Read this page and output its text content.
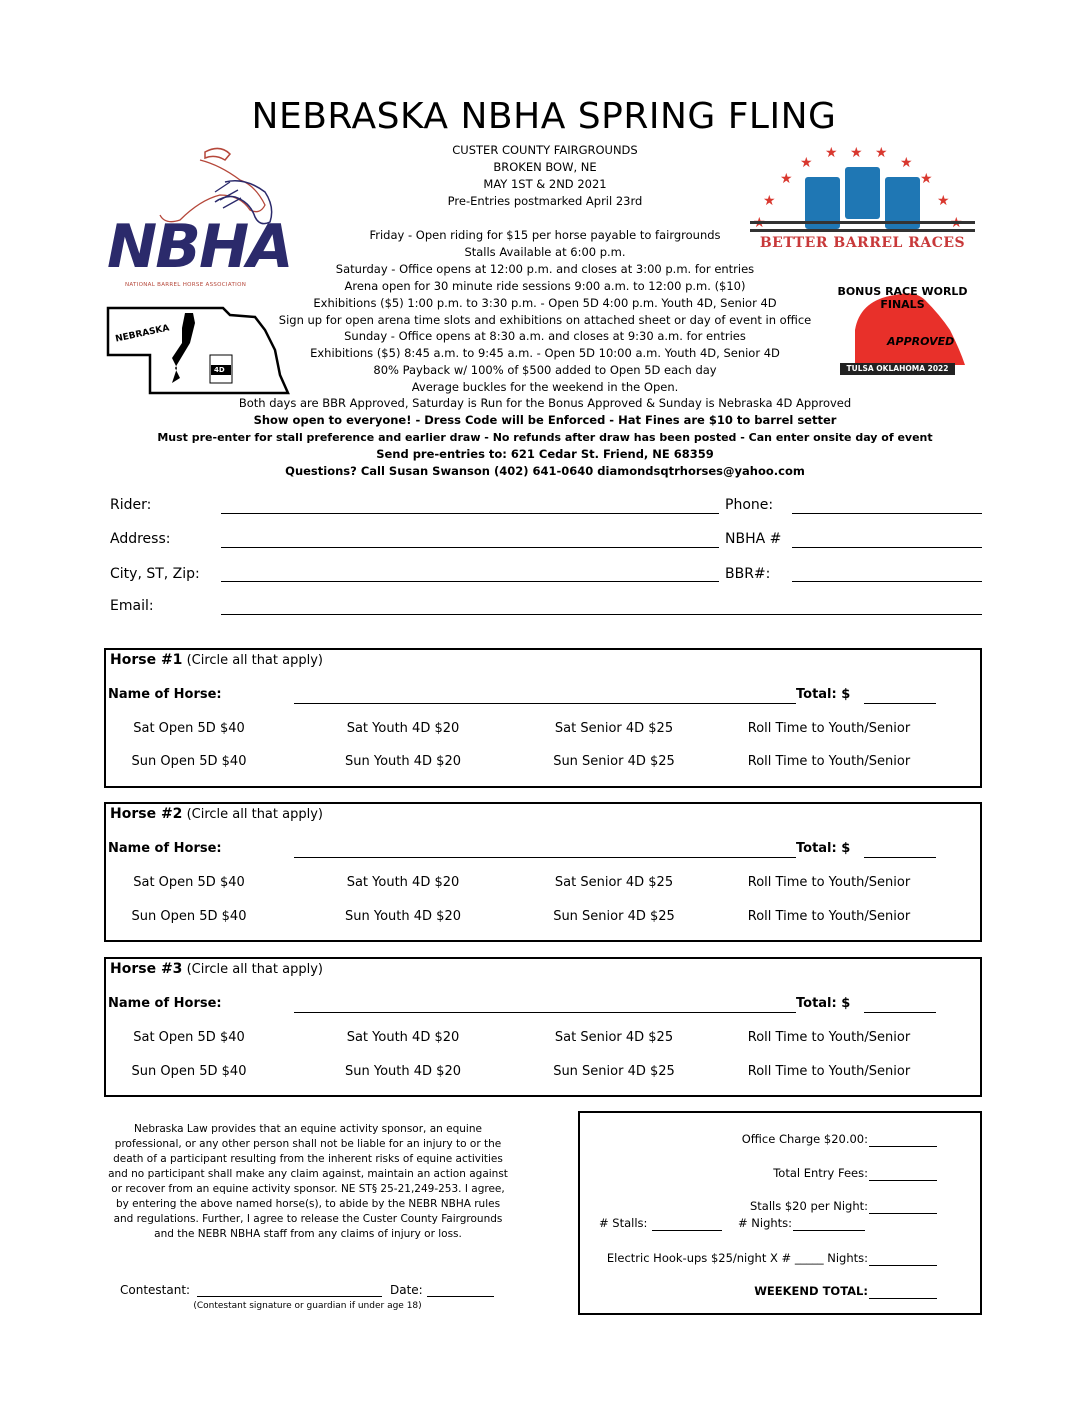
NEBRASKA NBHA SPRING FLING
NBHA
NATIONAL BARREL HORSE ASSOCIATION
NEBRASKA
4D
★
★
★
★ ★ ★
★
★
★
BETTER BARREL RACES
BONUS RACE WORLD FINALS
APPROVED
TULSA OKLAHOMA 2022
CUSTER COUNTY FAIRGROUNDS
BROKEN BOW, NE
MAY 1ST & 2ND 2021
Pre-Entries postmarked April 23rd
Friday - Open riding for $15 per horse payable to fairgrounds
Stalls Available at 6:00 p.m.
Saturday - Office opens at 12:00 p.m. and closes at 3:00 p.m. for entries
Arena open for 30 minute ride sessions 9:00 a.m. to 12:00 p.m. ($10)
Exhibitions ($5) 1:00 p.m. to 3:30 p.m. - Open 5D 4:00 p.m. Youth 4D, Senior 4D
Sign up for open arena time slots and exhibitions on attached sheet or day of event in office
Sunday - Office opens at 8:30 a.m. and closes at 9:30 a.m. for entries
Exhibitions ($5) 8:45 a.m. to 9:45 a.m. - Open 5D 10:00 a.m. Youth 4D, Senior 4D
80% Payback w/ 100% of $500 added to Open 5D each day
Average buckles for the weekend in the Open.
Both days are BBR Approved, Saturday is Run for the Bonus Approved & Sunday is Nebraska 4D Approved
Show open to everyone! - Dress Code will be Enforced - Hat Fines are $10 to barrel setter
Must pre-enter for stall preference and earlier draw - No refunds after draw has been posted - Can enter onsite day of event
Send pre-entries to: 621 Cedar St. Friend, NE 68359
Questions? Call Susan Swanson (402) 641-0640 diamondsqtrhorses@yahoo.com
Rider:	Phone:
Address:	NBHA #
City, ST, Zip:	BBR#:
Email:
Horse #1 (Circle all that apply)
Name of Horse:	Total: $
Sat Open 5D $40	Sat Youth 4D $20	Sat Senior 4D $25	Roll Time to Youth/Senior
Sun Open 5D $40	Sun Youth 4D $20	Sun Senior 4D $25	Roll Time to Youth/Senior
Horse #2 (Circle all that apply)
Name of Horse:	Total: $
Sat Open 5D $40	Sat Youth 4D $20	Sat Senior 4D $25	Roll Time to Youth/Senior
Sun Open 5D $40	Sun Youth 4D $20	Sun Senior 4D $25	Roll Time to Youth/Senior
Horse #3 (Circle all that apply)
Name of Horse:	Total: $
Sat Open 5D $40	Sat Youth 4D $20	Sat Senior 4D $25	Roll Time to Youth/Senior
Sun Open 5D $40	Sun Youth 4D $20	Sun Senior 4D $25	Roll Time to Youth/Senior
Nebraska Law provides that an equine activity sponsor, an equine professional, or any other person shall not be liable for an injury to or the death of a participant resulting from the inherent risks of equine activities and no participant shall make any claim against, maintain an action against or recover from an equine activity sponsor. NE ST§ 25-21,249-253. I agree, by entering the above named horse(s), to abide by the NEBR NBHA rules and regulations. Further, I agree to release the Custer County Fairgrounds and the NEBR NBHA staff from any claims of injury or loss.
Contestant:	Date:
(Contestant signature or guardian if under age 18)
Office Charge $20.00:
Total Entry Fees:
Stalls $20 per Night:
# Stalls:	# Nights:
Electric Hook-ups $25/night X # _____ Nights:
WEEKEND TOTAL:
